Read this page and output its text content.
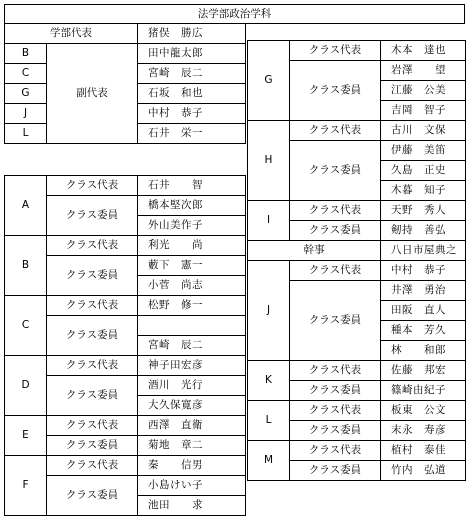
法学部政治学科
学部代表		猪俣　勝広
B	副代表	田中龍太郎
C		宮崎　辰二
G		石坂　和也
J		中村　恭子
L		石井　栄一
A	クラス代表	石井　　智
	クラス委員	橋本堅次郎
		外山美作子
B	クラス代表	利光　　尚
	クラス委員	藪下　憲一
		小菅　尚志
C	クラス代表	松野　修一
	クラス委員	
		宮崎　辰二
D	クラス代表	神子田宏彦
	クラス委員	酒川　光行
		大久保寛彦
E	クラス代表	西澤　直衛
	クラス委員	菊地　章二
F	クラス代表	秦　　信男
	クラス委員	小島けい子
		池田　　求
G	クラス代表	木本　達也
	クラス委員	岩澤　　望
		江藤　公美
		吉岡　智子
H	クラス代表	古川　文保
	クラス委員	伊藤　美笛
		久島　正史
		木暮　知子
I	クラス代表	天野　秀人
	クラス委員	剱持　善弘
幹事		八日市屋典之
J	クラス代表	中村　恭子
	クラス委員	井澤　勇治
		田阪　直人
		種本　芳久
		林　　和郎
K	クラス代表	佐藤　邦宏
	クラス委員	篠崎由紀子
L	クラス代表	板東　公文
	クラス委員	末永　寿彦
M	クラス代表	植村　泰佳
	クラス委員	竹内　弘道
